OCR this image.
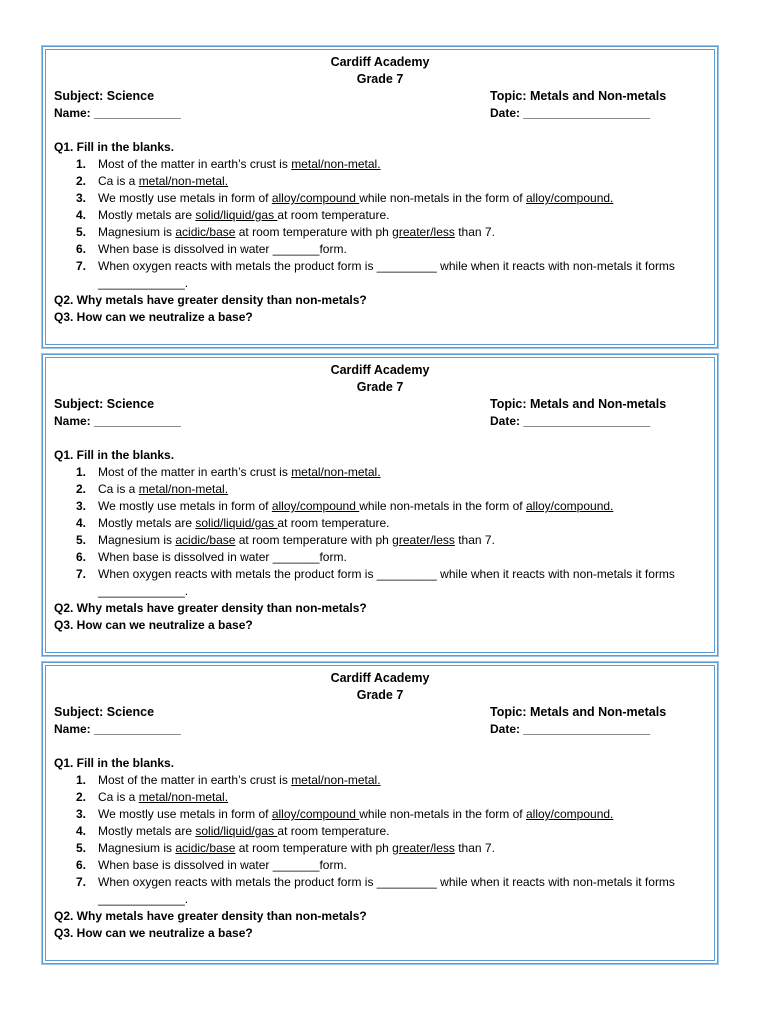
Cardiff Academy
Grade 7
Subject: Science	Topic: Metals and Non-metals
Name: _____________	Date: ___________________
Q1. Fill in the blanks.
1. Most of the matter in earth’s crust is metal/non-metal.
2. Ca is a metal/non-metal.
3. We mostly use metals in form of alloy/compound while non-metals in the form of alloy/compound.
4. Mostly metals are solid/liquid/gas at room temperature.
5. Magnesium is acidic/base at room temperature with ph greater/less than 7.
6. When base is dissolved in water _______form.
7. When oxygen reacts with metals the product form is _________ while when it reacts with non-metals it forms _____________.
Q2. Why metals have greater density than non-metals?
Q3. How can we neutralize a base?
Cardiff Academy
Grade 7
Subject: Science	Topic: Metals and Non-metals
Name: _____________	Date: ___________________
Q1. Fill in the blanks.
1. Most of the matter in earth’s crust is metal/non-metal.
2. Ca is a metal/non-metal.
3. We mostly use metals in form of alloy/compound while non-metals in the form of alloy/compound.
4. Mostly metals are solid/liquid/gas at room temperature.
5. Magnesium is acidic/base at room temperature with ph greater/less than 7.
6. When base is dissolved in water _______form.
7. When oxygen reacts with metals the product form is _________ while when it reacts with non-metals it forms _____________.
Q2. Why metals have greater density than non-metals?
Q3. How can we neutralize a base?
Cardiff Academy
Grade 7
Subject: Science	Topic: Metals and Non-metals
Name: _____________	Date: ___________________
Q1. Fill in the blanks.
1. Most of the matter in earth’s crust is metal/non-metal.
2. Ca is a metal/non-metal.
3. We mostly use metals in form of alloy/compound while non-metals in the form of alloy/compound.
4. Mostly metals are solid/liquid/gas at room temperature.
5. Magnesium is acidic/base at room temperature with ph greater/less than 7.
6. When base is dissolved in water _______form.
7. When oxygen reacts with metals the product form is _________ while when it reacts with non-metals it forms _____________.
Q2. Why metals have greater density than non-metals?
Q3. How can we neutralize a base?
